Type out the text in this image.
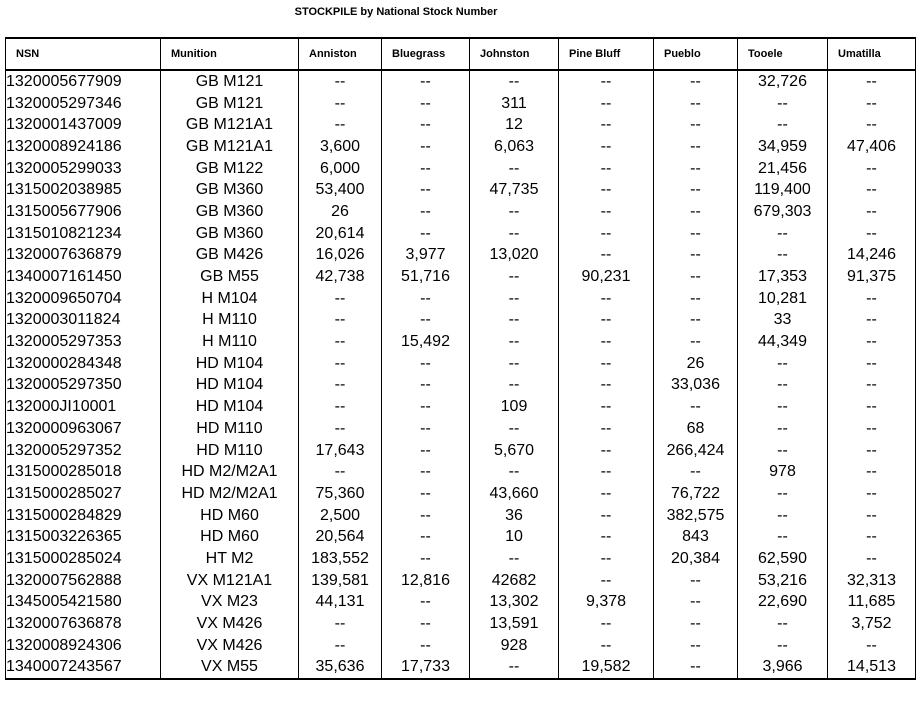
STOCKPILE by National Stock Number
NSN	Munition	Anniston	Bluegrass	Johnston	Pine Bluff	Pueblo	Tooele	Umatilla
1320005677909	GB M121	--	--	--	--	--	32,726	--
1320005297346	GB M121	--	--	311	--	--	--	--
1320001437009	GB M121A1	--	--	12	--	--	--	--
1320008924186	GB M121A1	3,600	--	6,063	--	--	34,959	47,406
1320005299033	GB M122	6,000	--	--	--	--	21,456	--
1315002038985	GB M360	53,400	--	47,735	--	--	119,400	--
1315005677906	GB M360	26	--	--	--	--	679,303	--
1315010821234	GB M360	20,614	--	--	--	--	--	--
1320007636879	GB M426	16,026	3,977	13,020	--	--	--	14,246
1340007161450	GB M55	42,738	51,716	--	90,231	--	17,353	91,375
1320009650704	H M104	--	--	--	--	--	10,281	--
1320003011824	H M110	--	--	--	--	--	33	--
1320005297353	H M110	--	15,492	--	--	--	44,349	--
1320000284348	HD M104	--	--	--	--	26	--	--
1320005297350	HD M104	--	--	--	--	33,036	--	--
132000JI10001	HD M104	--	--	109	--	--	--	--
1320000963067	HD M110	--	--	--	--	68	--	--
1320005297352	HD M110	17,643	--	5,670	--	266,424	--	--
1315000285018	HD M2/M2A1	--	--	--	--	--	978	--
1315000285027	HD M2/M2A1	75,360	--	43,660	--	76,722	--	--
1315000284829	HD M60	2,500	--	36	--	382,575	--	--
1315003226365	HD M60	20,564	--	10	--	843	--	--
1315000285024	HT M2	183,552	--	--	--	20,384	62,590	--
1320007562888	VX M121A1	139,581	12,816	42682	--	--	53,216	32,313
1345005421580	VX M23	44,131	--	13,302	9,378	--	22,690	11,685
1320007636878	VX M426	--	--	13,591	--	--	--	3,752
1320008924306	VX M426	--	--	928	--	--	--	--
1340007243567	VX M55	35,636	17,733	--	19,582	--	3,966	14,513
